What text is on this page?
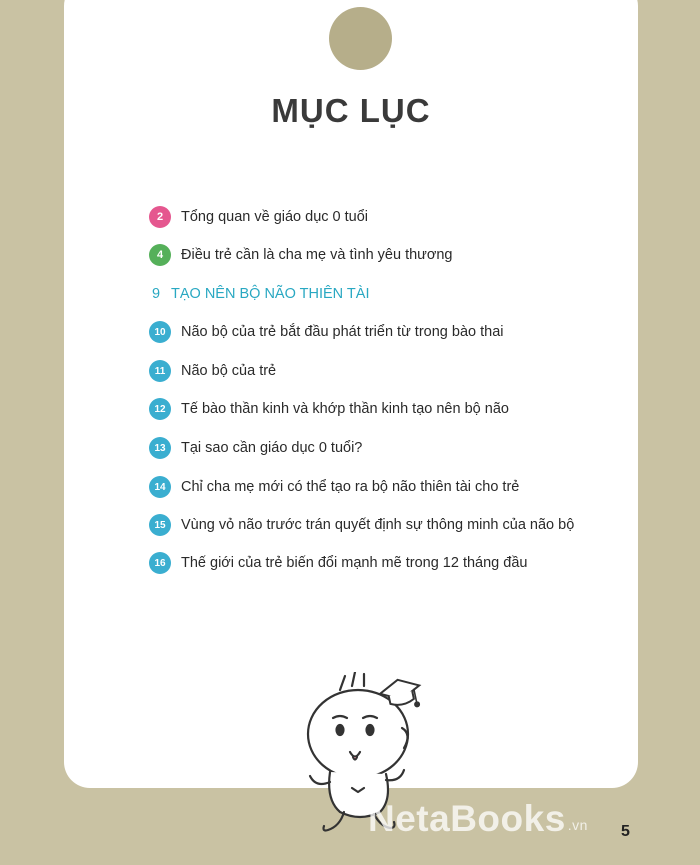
MỤC LỤC
2	Tổng quan về giáo dục 0 tuổi
4	Điều trẻ cần là cha mẹ và tình yêu thương
9 TẠO NÊN BỘ NÃO THIÊN TÀI
10	Não bộ của trẻ bắt đầu phát triển từ trong bào thai
11	Não bộ của trẻ
12	Tế bào thần kinh và khớp thần kinh tạo nên bộ não
13	Tại sao cần giáo dục 0 tuổi?
14	Chỉ cha mẹ mới có thể tạo ra bộ não thiên tài cho trẻ
15	Vùng vỏ não trước trán quyết định sự thông minh của não bộ
16	Thế giới của trẻ biến đổi mạnh mẽ trong 12 tháng đầu
NetaBooks .vn 5
